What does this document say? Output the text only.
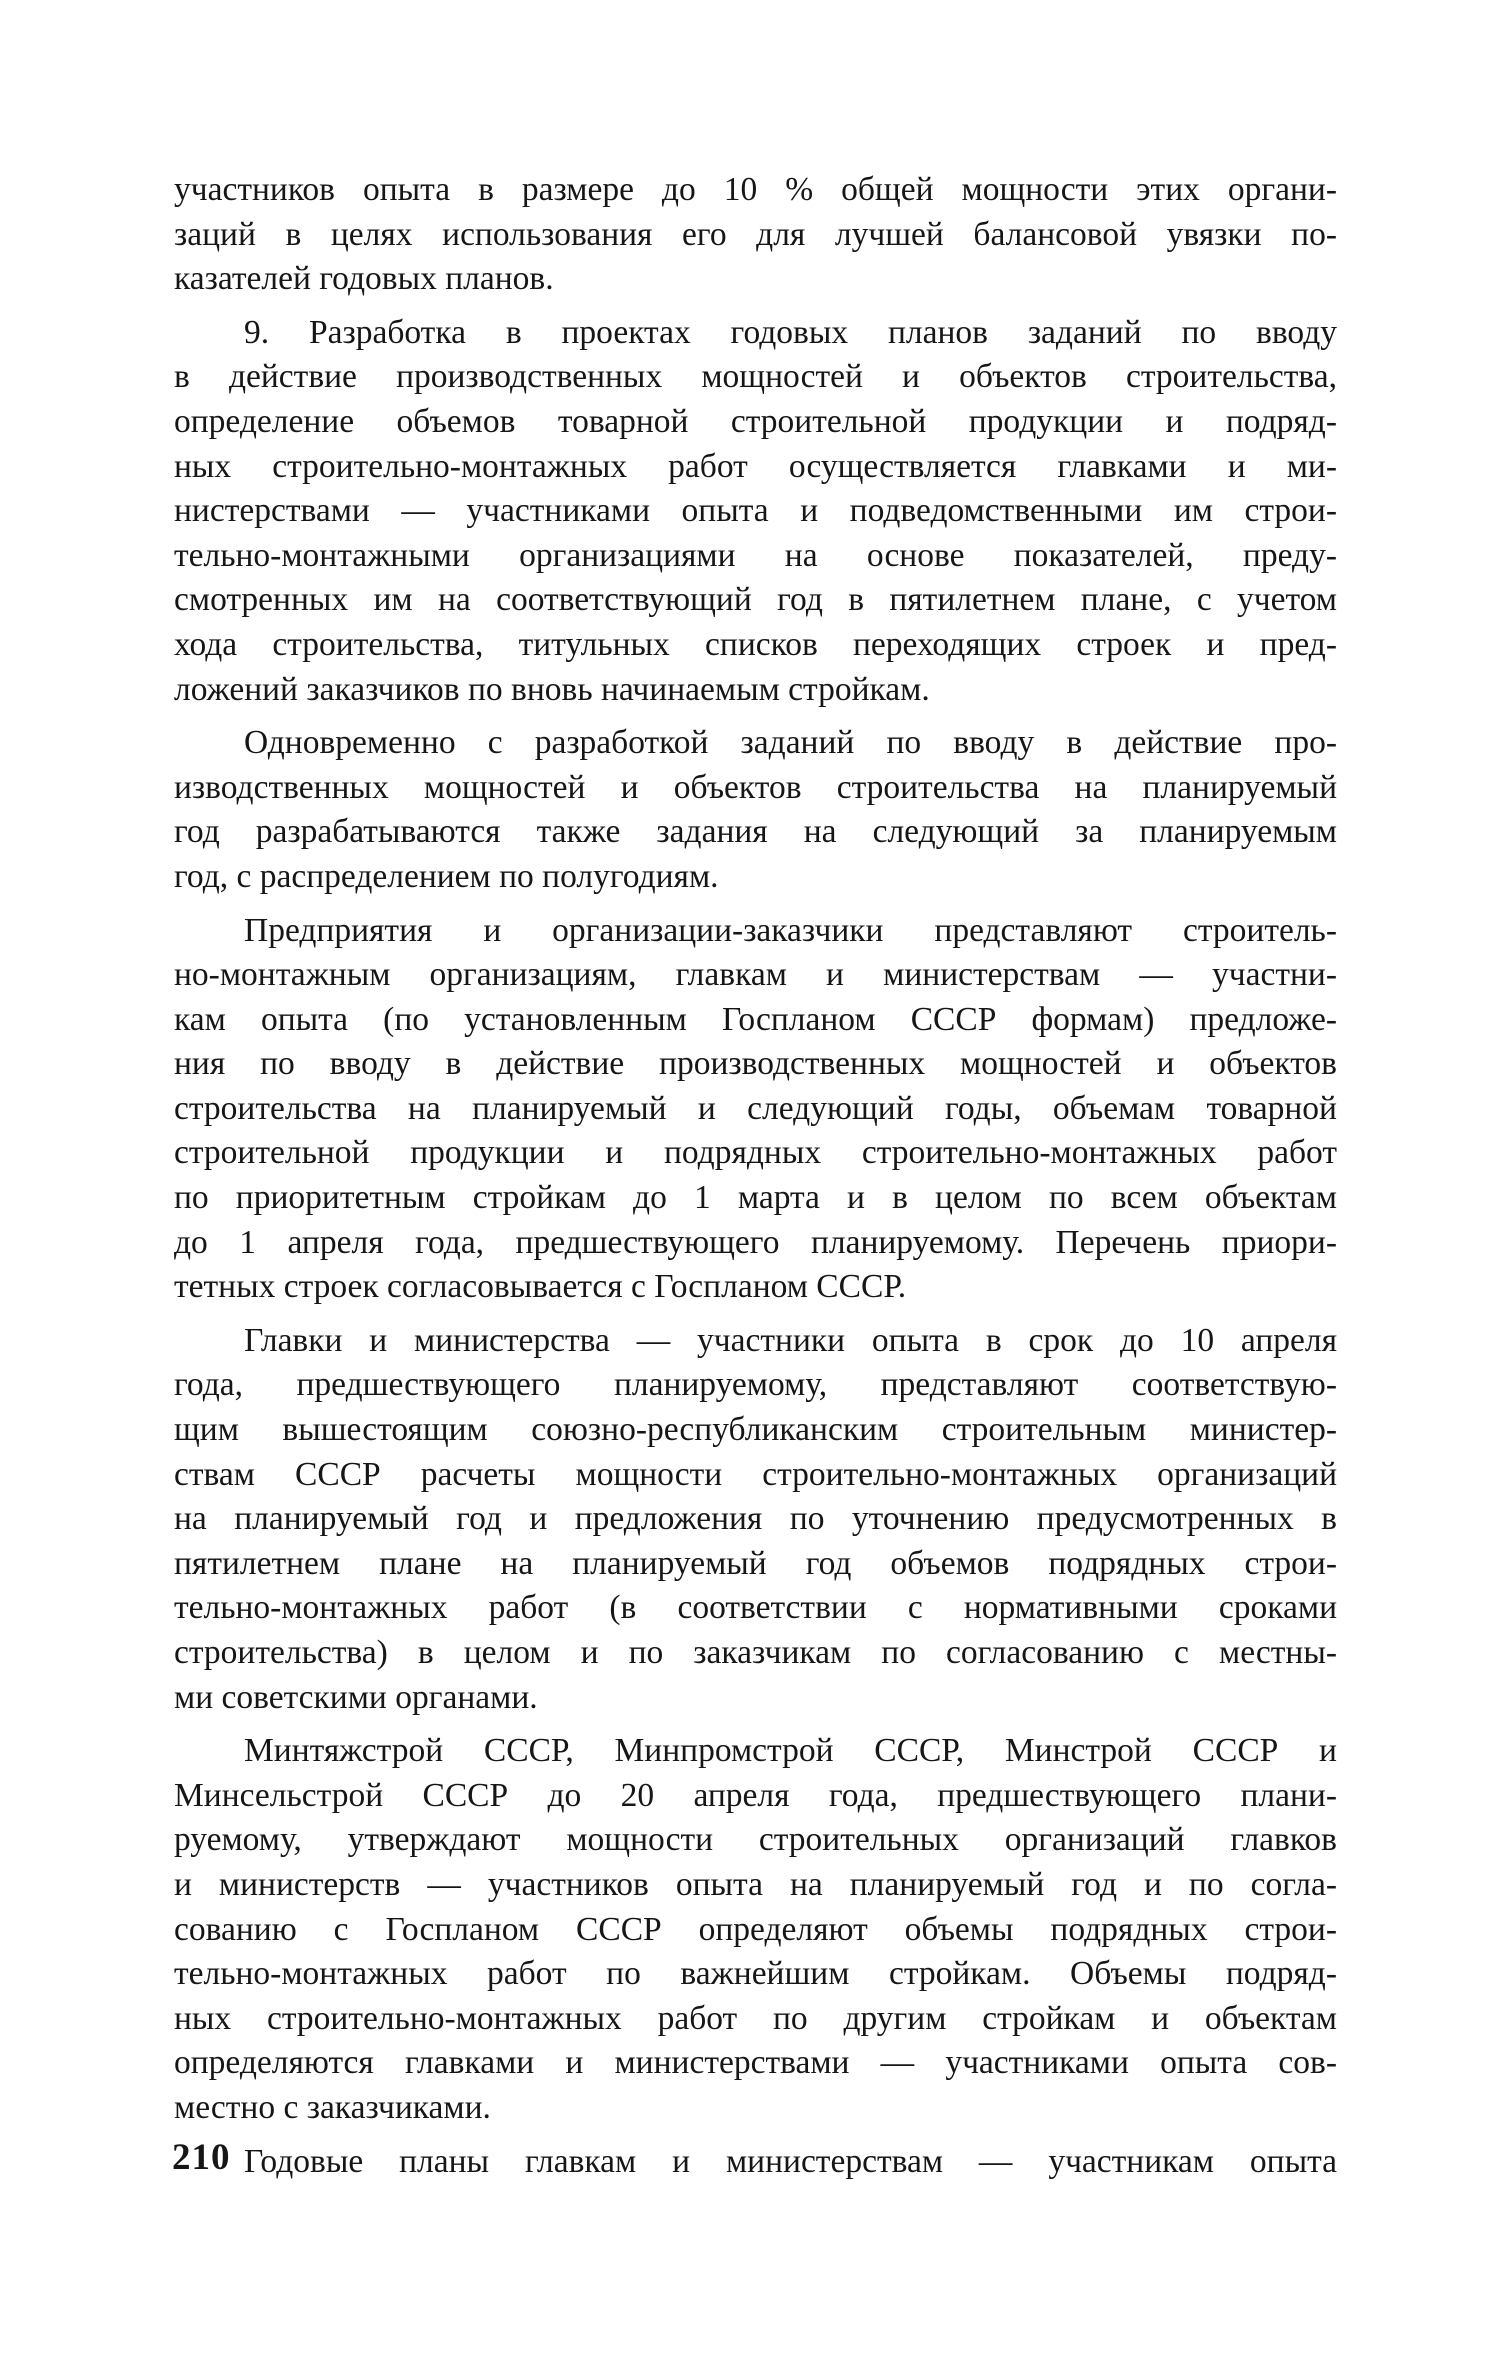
участников опыта в размере до 10 % общей мощности этих органи-
заций в целях использования его для лучшей балансовой увязки по-
казателей годовых планов.

9. Разработка в проектах годовых планов заданий по вводу
в действие производственных мощностей и объектов строительства,
определение объемов товарной строительной продукции и подряд-
ных строительно-монтажных работ осуществляется главками и ми-
нистерствами — участниками опыта и подведомственными им строи-
тельно-монтажными организациями на основе показателей, преду-
смотренных им на соответствующий год в пятилетнем плане, с учетом
хода строительства, титульных списков переходящих строек и пред-
ложений заказчиков по вновь начинаемым стройкам.

Одновременно с разработкой заданий по вводу в действие про-
изводственных мощностей и объектов строительства на планируемый
год разрабатываются также задания на следующий за планируемым
год, с распределением по полугодиям.

Предприятия и организации-заказчики представляют строитель-
но-монтажным организациям, главкам и министерствам — участни-
кам опыта (по установленным Госпланом СССР формам) предложе-
ния по вводу в действие производственных мощностей и объектов
строительства на планируемый и следующий годы, объемам товарной
строительной продукции и подрядных строительно-монтажных работ
по приоритетным стройкам до 1 марта и в целом по всем объектам
до 1 апреля года, предшествующего планируемому. Перечень приори-
тетных строек согласовывается с Госпланом СССР.

Главки и министерства — участники опыта в срок до 10 апреля
года, предшествующего планируемому, представляют соответствую-
щим вышестоящим союзно-республиканским строительным министер-
ствам СССР расчеты мощности строительно-монтажных организаций
на планируемый год и предложения по уточнению предусмотренных в
пятилетнем плане на планируемый год объемов подрядных строи-
тельно-монтажных работ (в соответствии с нормативными сроками
строительства) в целом и по заказчикам по согласованию с местны-
ми советскими органами.

Минтяжстрой СССР, Минпромстрой СССР, Минстрой СССР и
Минсельстрой СССР до 20 апреля года, предшествующего плани-
руемому, утверждают мощности строительных организаций главков
и министерств — участников опыта на планируемый год и по согла-
сованию с Госпланом СССР определяют объемы подрядных строи-
тельно-монтажных работ по важнейшим стройкам. Объемы подряд-
ных строительно-монтажных работ по другим стройкам и объектам
определяются главками и министерствами — участниками опыта сов-
местно с заказчиками.

Годовые планы главкам и министерствам — участникам опыта

210
